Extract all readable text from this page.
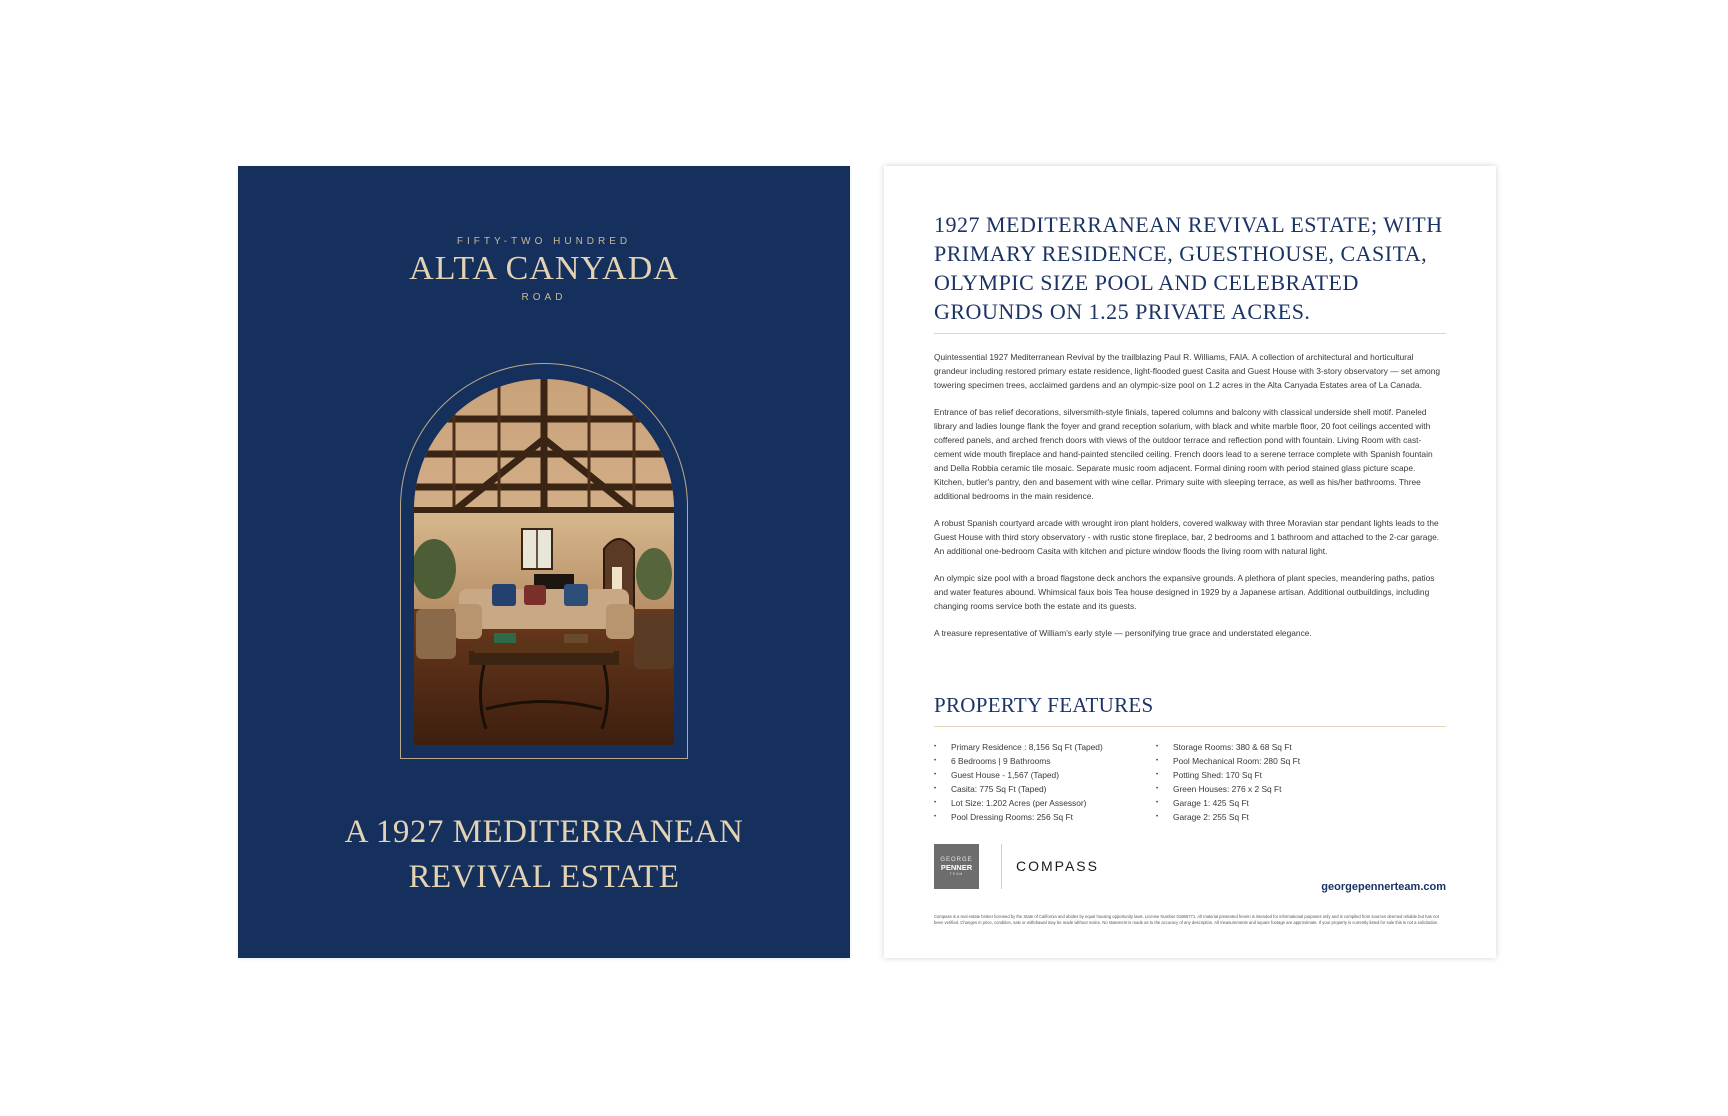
FIFTY-TWO HUNDRED
ALTA CANYADA
ROAD
A 1927 MEDITERRANEAN
REVIVAL ESTATE
1927 MEDITERRANEAN REVIVAL ESTATE; WITH PRIMARY RESIDENCE, GUESTHOUSE, CASITA, OLYMPIC SIZE POOL AND CELEBRATED GROUNDS ON 1.25 PRIVATE ACRES.

Quintessential 1927 Mediterranean Revival by the trailblazing Paul R. Williams, FAIA. A collection of architectural and horticultural grandeur including restored primary estate residence, light-flooded guest Casita and Guest House with 3-story observatory — set among towering specimen trees, acclaimed gardens and an olympic-size pool on 1.2 acres in the Alta Canyada Estates area of La Canada.

Entrance of bas relief decorations, silversmith-style finials, tapered columns and balcony with classical underside shell motif. Paneled library and ladies lounge flank the foyer and grand reception solarium, with black and white marble floor, 20 foot ceilings accented with coffered panels, and arched french doors with views of the outdoor terrace and reflection pond with fountain. Living Room with cast-cement wide mouth fireplace and hand-painted stenciled ceiling. French doors lead to a serene terrace complete with Spanish fountain and Della Robbia ceramic tile mosaic. Separate music room adjacent. Formal dining room with period stained glass picture scape. Kitchen, butler's pantry, den and basement with wine cellar. Primary suite with sleeping terrace, as well as his/her bathrooms. Three additional bedrooms in the main residence.

A robust Spanish courtyard arcade with wrought iron plant holders, covered walkway with three Moravian star pendant lights leads to the Guest House with third story observatory - with rustic stone fireplace, bar, 2 bedrooms and 1 bathroom and attached to the 2-car garage. An additional one-bedroom Casita with kitchen and picture window floods the living room with natural light.

An olympic size pool with a broad flagstone deck anchors the expansive grounds. A plethora of plant species, meandering paths, patios and water features abound. Whimsical faux bois Tea house designed in 1929 by a Japanese artisan. Additional outbuildings, including changing rooms service both the estate and its guests.

A treasure representative of William's early style — personifying true grace and understated elegance.

PROPERTY FEATURES
• Primary Residence : 8,156 Sq Ft (Taped)
• 6 Bedrooms | 9 Bathrooms
• Guest House - 1,567 (Taped)
• Casita: 775 Sq Ft (Taped)
• Lot Size: 1.202 Acres (per Assessor)
• Pool Dressing Rooms: 256 Sq Ft
• Storage Rooms: 380 & 68 Sq Ft
• Pool Mechanical Room: 280 Sq Ft
• Potting Shed: 170 Sq Ft
• Green Houses: 276 x 2 Sq Ft
• Garage 1: 425 Sq Ft
• Garage 2: 255 Sq Ft
GEORGE
PENNER
TEAM	COMPASS
georgepennerteam.com
Compass is a real estate broker licensed by the State of California and abides by equal housing opportunity laws. License Number 01866771. All material presented herein is intended for informational purposes only and is compiled from sources deemed reliable but has not been verified. Changes in price, condition, sale or withdrawal may be made without notice. No statement is made as to the accuracy of any description. All measurements and square footage are approximate. If your property is currently listed for sale this is not a solicitation.
